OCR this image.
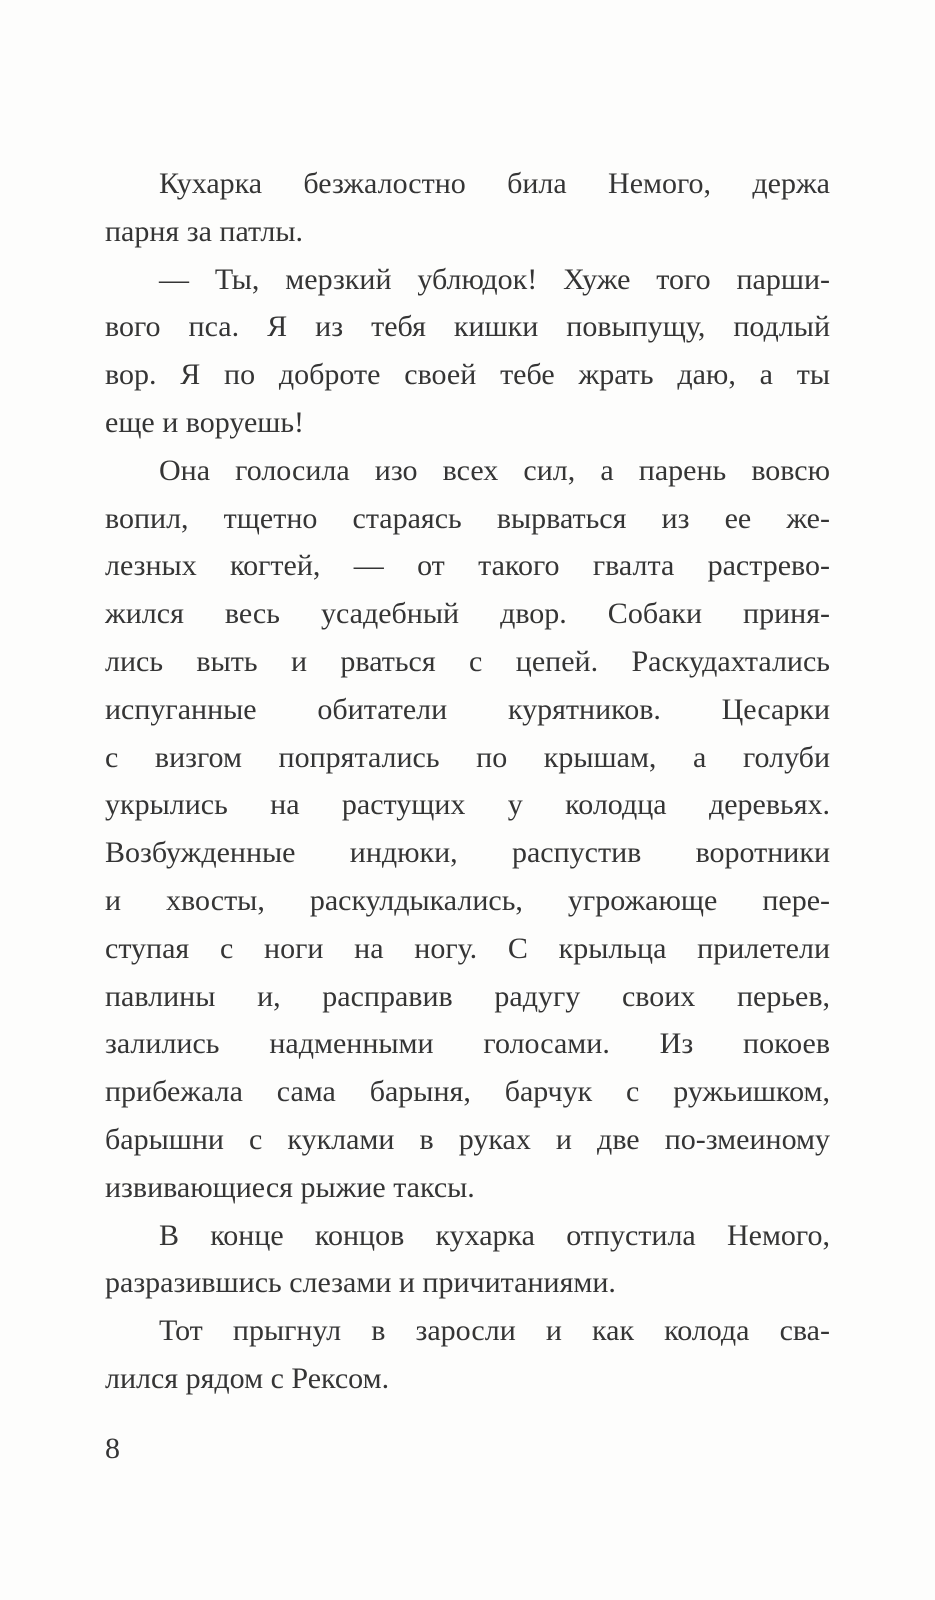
Кухарка безжалостно била Немого, держа
парня за патлы.
— Ты, мерзкий ублюдок! Хуже того парши-
вого пса. Я из тебя кишки повыпущу, подлый
вор. Я по доброте своей тебе жрать даю, а ты
еще и воруешь!
Она голосила изо всех сил, а парень вовсю
вопил, тщетно стараясь вырваться из ее же-
лезных когтей, — от такого гвалта растрево-
жился весь усадебный двор. Собаки приня-
лись выть и рваться с цепей. Раскудахтались
испуганные обитатели курятников. Цесарки
с визгом попрятались по крышам, а голуби
укрылись на растущих у колодца деревьях.
Возбужденные индюки, распустив воротники
и хвосты, раскулдыкались, угрожающе пере-
ступая с ноги на ногу. С крыльца прилетели
павлины и, расправив радугу своих перьев,
залились надменными голосами. Из покоев
прибежала сама барыня, барчук с ружьишком,
барышни с куклами в руках и две по-змеиному
извивающиеся рыжие таксы.
В конце концов кухарка отпустила Немого,
разразившись слезами и причитаниями.
Тот прыгнул в заросли и как колода сва-
лился рядом с Рексом.
8
